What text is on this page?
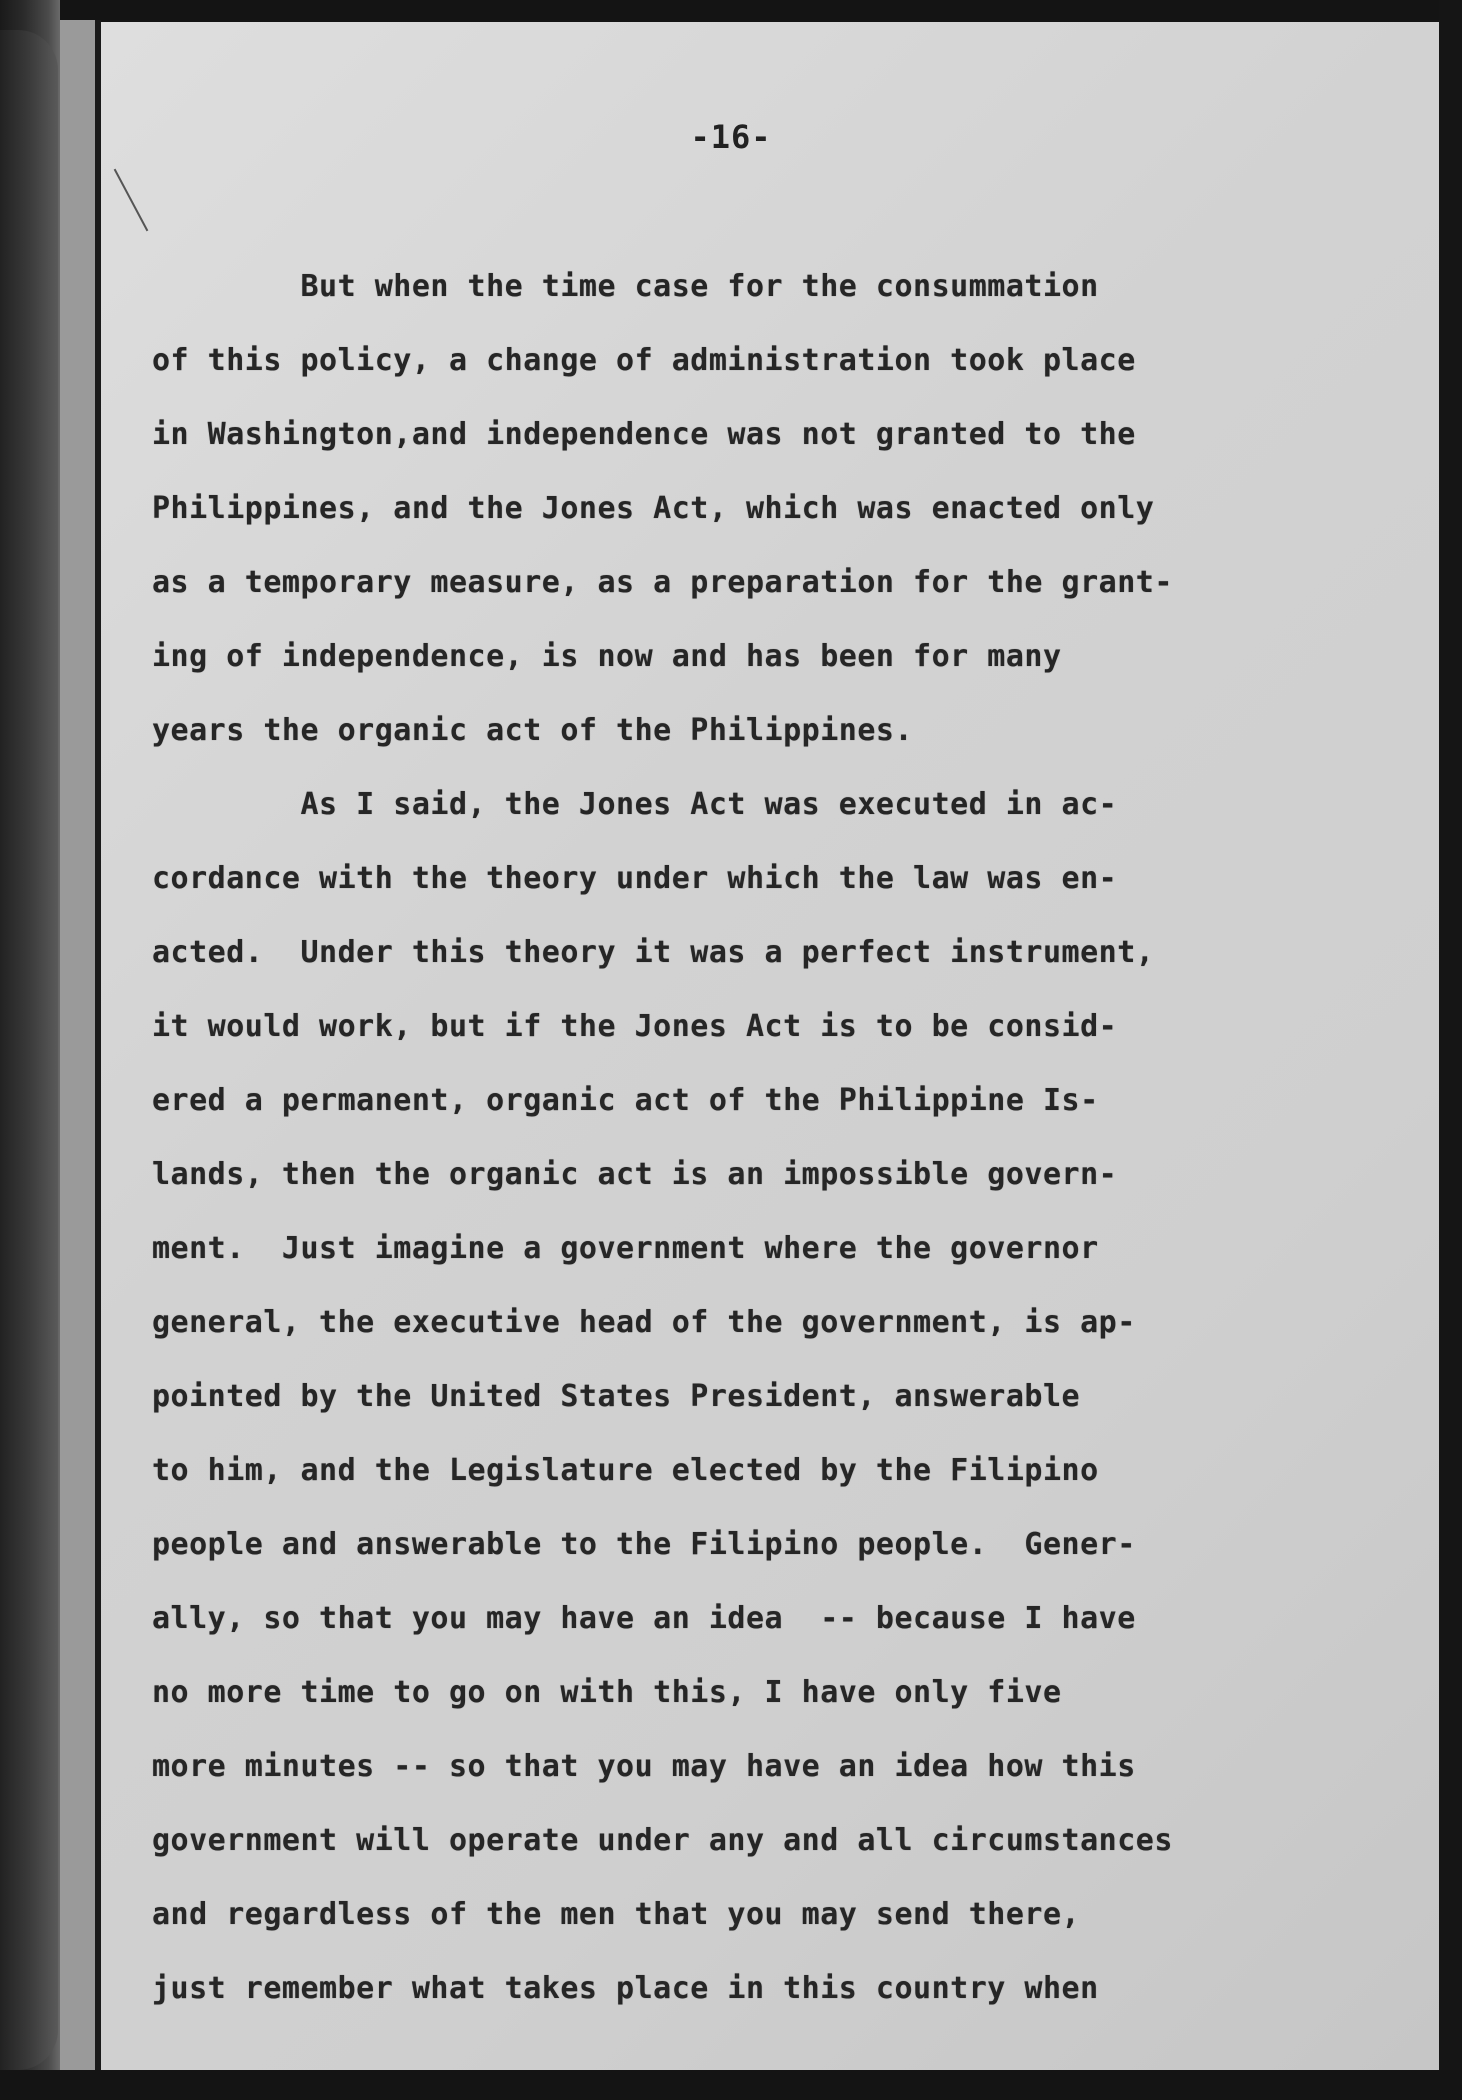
-16-
But when the time case for the consummation
of this policy, a change of administration took place
in Washington,and independence was not granted to the
Philippines, and the Jones Act, which was enacted only
as a temporary measure, as a preparation for the grant-
ing of independence, is now and has been for many
years the organic act of the Philippines.
As I said, the Jones Act was executed in ac-
cordance with the theory under which the law was en-
acted.  Under this theory it was a perfect instrument,
it would work, but if the Jones Act is to be consid-
ered a permanent, organic act of the Philippine Is-
lands, then the organic act is an impossible govern-
ment.  Just imagine a government where the governor
general, the executive head of the government, is ap-
pointed by the United States President, answerable
to him, and the Legislature elected by the Filipino
people and answerable to the Filipino people.  Gener-
ally, so that you may have an idea  -- because I have
no more time to go on with this, I have only five
more minutes -- so that you may have an idea how this
government will operate under any and all circumstances
and regardless of the men that you may send there,
just remember what takes place in this country when
